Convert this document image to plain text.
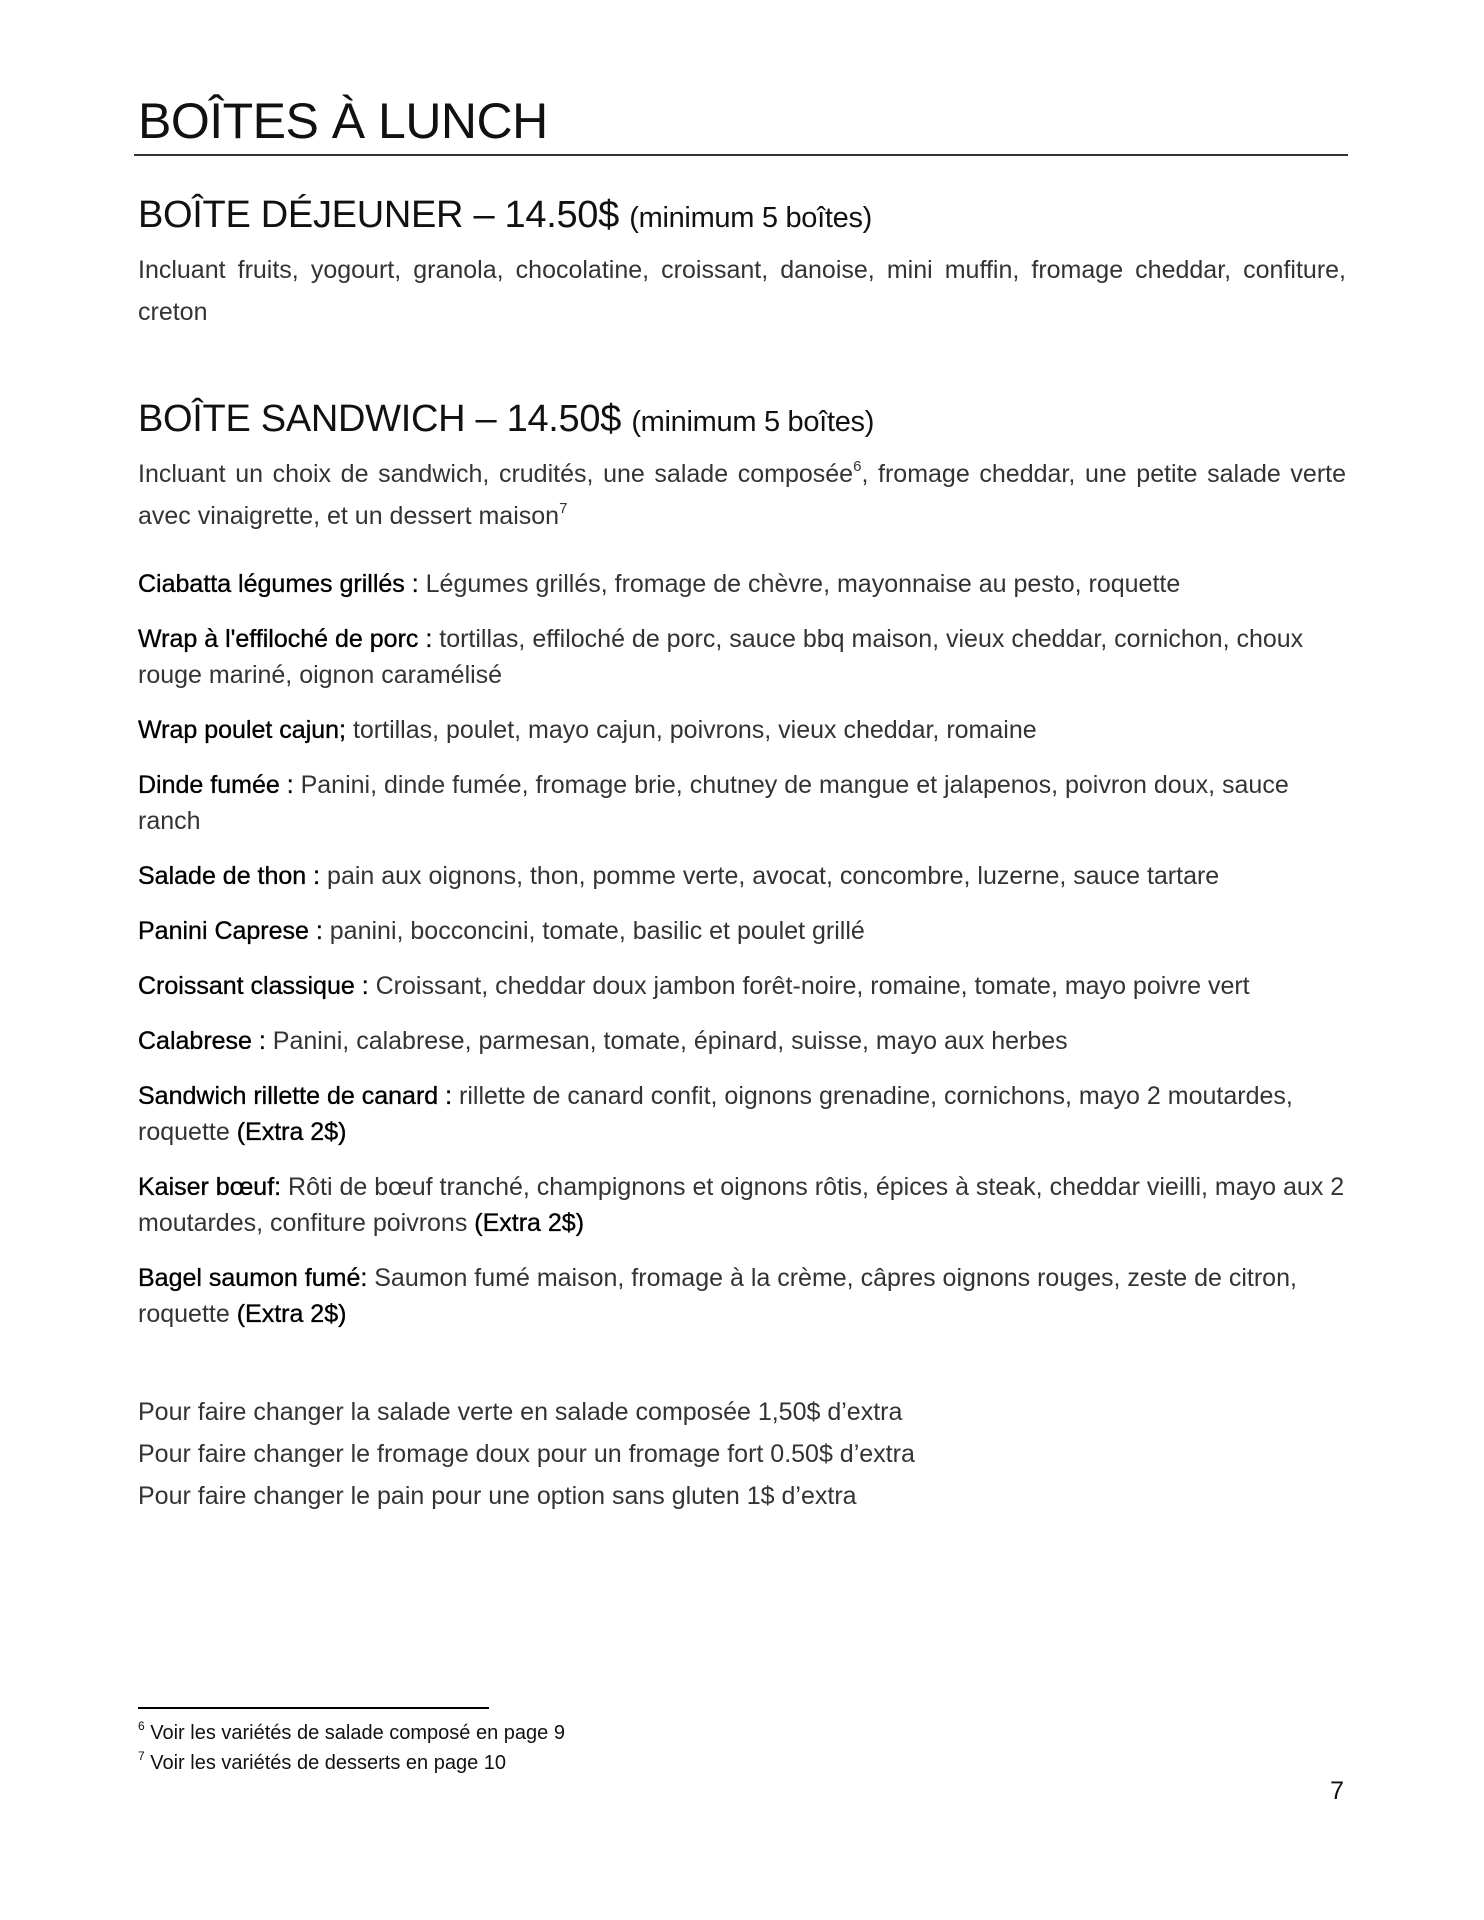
BOÎTES À LUNCH
BOÎTE DÉJEUNER – 14.50$ (minimum 5 boîtes)

Incluant fruits, yogourt, granola, chocolatine, croissant, danoise, mini muffin, fromage cheddar, confiture, creton

BOÎTE SANDWICH – 14.50$ (minimum 5 boîtes)

Incluant un choix de sandwich, crudités, une salade composée$^6$, fromage cheddar, une petite salade verte avec vinaigrette, et un dessert maison$^7$

Ciabatta légumes grillés : Légumes grillés, fromage de chèvre, mayonnaise au pesto, roquette
Wrap à l'effiloché de porc : tortillas, effiloché de porc, sauce bbq maison, vieux cheddar, cornichon, choux rouge mariné, oignon caramélisé
Wrap poulet cajun; tortillas, poulet, mayo cajun, poivrons, vieux cheddar, romaine
Dinde fumée : Panini, dinde fumée, fromage brie, chutney de mangue et jalapenos, poivron doux, sauce ranch
Salade de thon : pain aux oignons, thon, pomme verte, avocat, concombre, luzerne, sauce tartare
Panini Caprese : panini, bocconcini, tomate, basilic et poulet grillé
Croissant classique : Croissant, cheddar doux jambon forêt-noire, romaine, tomate, mayo poivre vert
Calabrese : Panini, calabrese, parmesan, tomate, épinard, suisse, mayo aux herbes
Sandwich rillette de canard : rillette de canard confit, oignons grenadine, cornichons, mayo 2 moutardes, roquette (Extra 2$)
Kaiser bœuf: Rôti de bœuf tranché, champignons et oignons rôtis, épices à steak, cheddar vieilli, mayo aux 2 moutardes, confiture poivrons (Extra 2$)
Bagel saumon fumé: Saumon fumé maison, fromage à la crème, câpres oignons rouges, zeste de citron, roquette (Extra 2$)

Pour faire changer la salade verte en salade composée 1,50$ d’extra

Pour faire changer le fromage doux pour un fromage fort 0.50$ d’extra

Pour faire changer le pain pour une option sans gluten 1$ d’extra

$^6$ Voir les variétés de salade composé en page 9

$^7$ Voir les variétés de desserts en page 10

7
